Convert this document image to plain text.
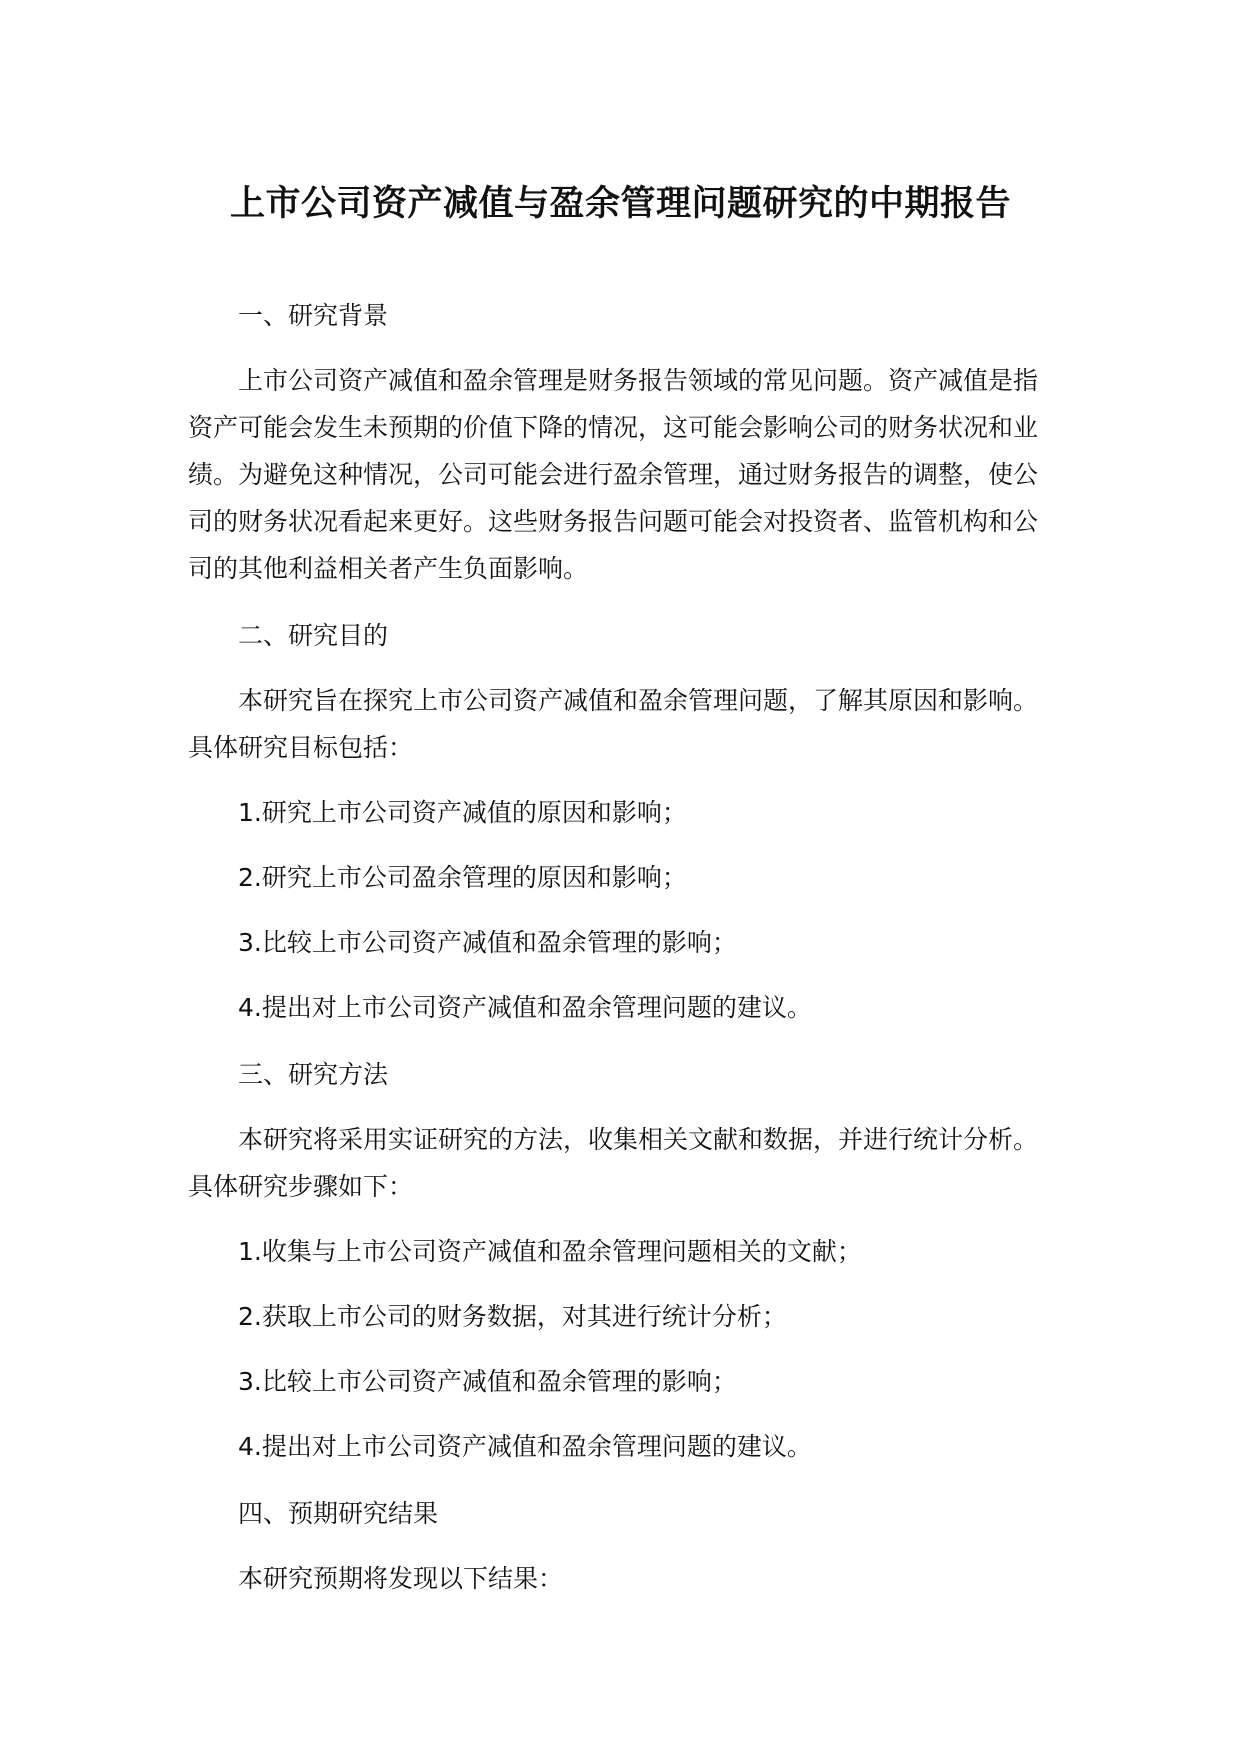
上市公司资产减值与盈余管理问题研究的中期报告

一、研究背景

上市公司资产减值和盈余管理是财务报告领域的常见问题。资产减值是指资产可能会发生未预期的价值下降的情况，这可能会影响公司的财务状况和业绩。为避免这种情况，公司可能会进行盈余管理，通过财务报告的调整，使公司的财务状况看起来更好。这些财务报告问题可能会对投资者、监管机构和公司的其他利益相关者产生负面影响。

二、研究目的

本研究旨在探究上市公司资产减值和盈余管理问题，了解其原因和影响。具体研究目标包括：

1.研究上市公司资产减值的原因和影响；

2.研究上市公司盈余管理的原因和影响；

3.比较上市公司资产减值和盈余管理的影响；

4.提出对上市公司资产减值和盈余管理问题的建议。

三、研究方法

本研究将采用实证研究的方法，收集相关文献和数据，并进行统计分析。具体研究步骤如下：

1.收集与上市公司资产减值和盈余管理问题相关的文献；

2.获取上市公司的财务数据，对其进行统计分析；

3.比较上市公司资产减值和盈余管理的影响；

4.提出对上市公司资产减值和盈余管理问题的建议。

四、预期研究结果

本研究预期将发现以下结果：
